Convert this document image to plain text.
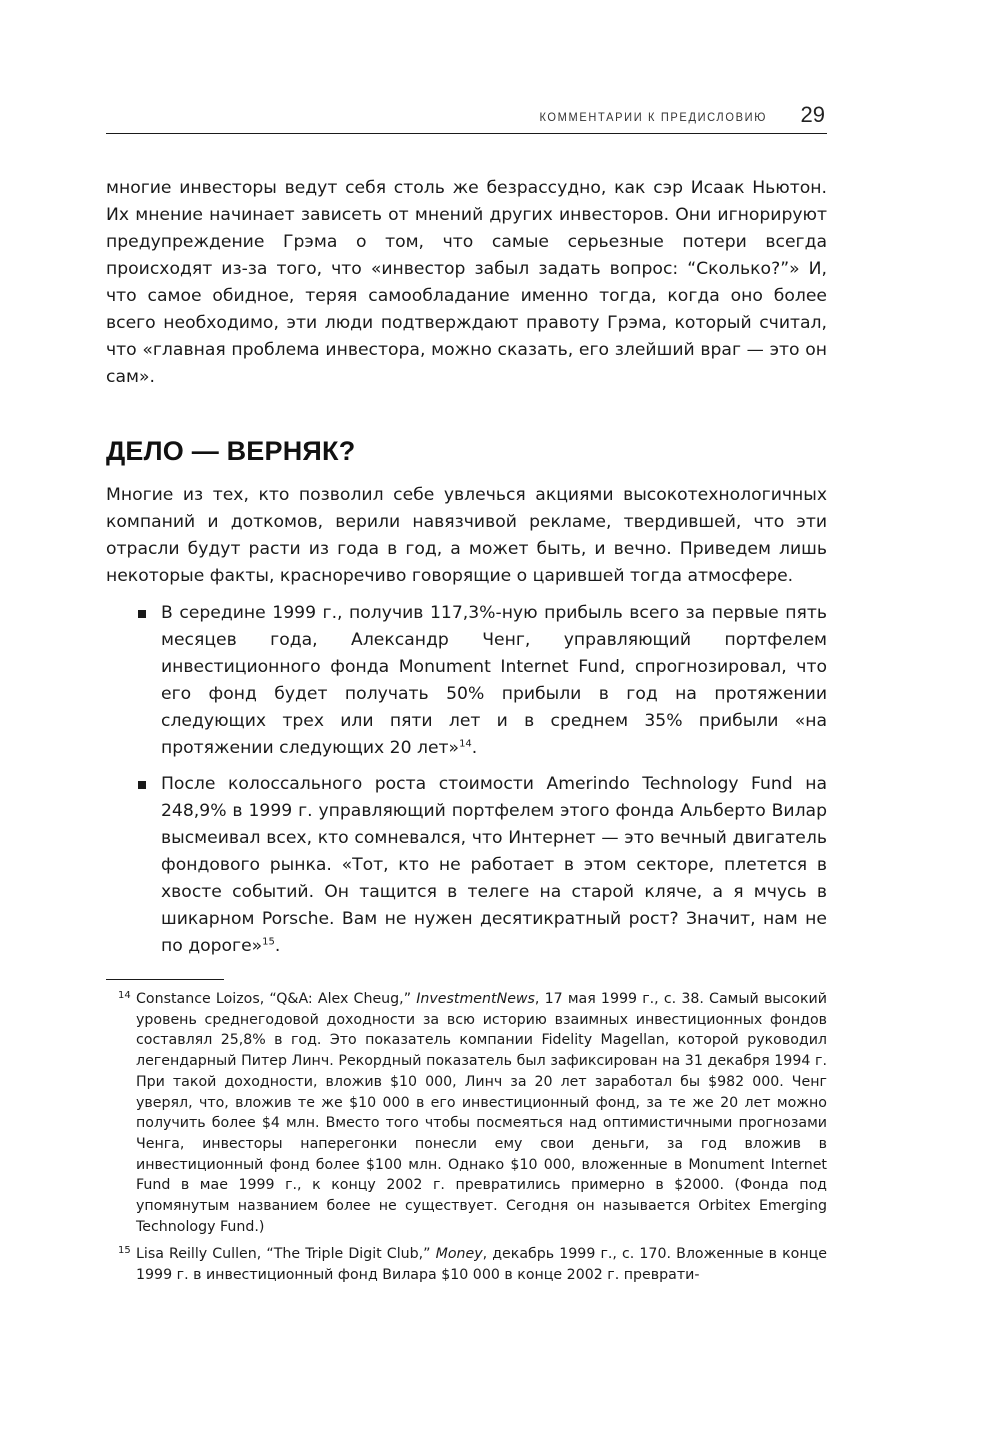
КОММЕНТАРИИ К ПРЕДИСЛОВИЮ 29

многие инвесторы ведут себя столь же безрассудно, как сэр Исаак Ньютон. Их мнение начинает зависеть от мнений других инвесторов. Они игнорируют предупреждение Грэма о том, что самые серьезные потери всегда происходят из-за того, что «инвестор забыл задать вопрос: “Сколько?”» И, что самое обидное, теряя самообладание именно тогда, когда оно более всего необходимо, эти люди подтверждают правоту Грэма, который считал, что «главная проблема инвестора, можно сказать, его злейший враг — это он сам».

ДЕЛО — ВЕРНЯК?

Многие из тех, кто позволил себе увлечься акциями высокотехнологичных компаний и доткомов, верили навязчивой рекламе, твердившей, что эти отрасли будут расти из года в год, а может быть, и вечно. Приведем лишь некоторые факты, красноречиво говорящие о царившей тогда атмосфере.

В середине 1999 г., получив 117,3%-ную прибыль всего за первые пять месяцев года, Александр Ченг, управляющий портфелем инвестиционного фонда Monument Internet Fund, спрогнозировал, что его фонд будет получать 50% прибыли в год на протяжении следующих трех или пяти лет и в среднем 35% прибыли «на протяжении следующих 20 лет»$^{14}$.
После колоссального роста стоимости Amerindo Technology Fund на 248,9% в 1999 г. управляющий портфелем этого фонда Альберто Вилар высмеивал всех, кто сомневался, что Интернет — это вечный двигатель фондового рынка. «Тот, кто не работает в этом секторе, плетется в хвосте событий. Он тащится в телеге на старой кляче, а я мчусь в шикарном Porsche. Вам не нужен десятикратный рост? Значит, нам не по дороге»$^{15}$.

14 Constance Loizos, “Q&A: Alex Cheug,” InvestmentNews, 17 мая 1999 г., с. 38. Самый высокий уровень среднегодовой доходности за всю историю взаимных инвестиционных фондов составлял 25,8% в год. Это показатель компании Fidelity Magellan, которой руководил легендарный Питер Линч. Рекордный показатель был зафиксирован на 31 декабря 1994 г. При такой доходности, вложив $10 000, Линч за 20 лет заработал бы $982 000. Ченг уверял, что, вложив те же $10 000 в его инвестиционный фонд, за те же 20 лет можно получить более $4 млн. Вместо того чтобы посмеяться над оптимистичными прогнозами Ченга, инвесторы наперегонки понесли ему свои деньги, за год вложив в инвестиционный фонд более $100 млн. Однако $10 000, вложенные в Monument Internet Fund в мае 1999 г., к концу 2002 г. превратились примерно в $2000. (Фонда под упомянутым названием более не существует. Сегодня он называется Orbitex Emerging Technology Fund.)

15 Lisa Reilly Cullen, “The Triple Digit Club,” Money, декабрь 1999 г., с. 170. Вложенные в конце 1999 г. в инвестиционный фонд Вилара $10 000 в конце 2002 г. преврати-
